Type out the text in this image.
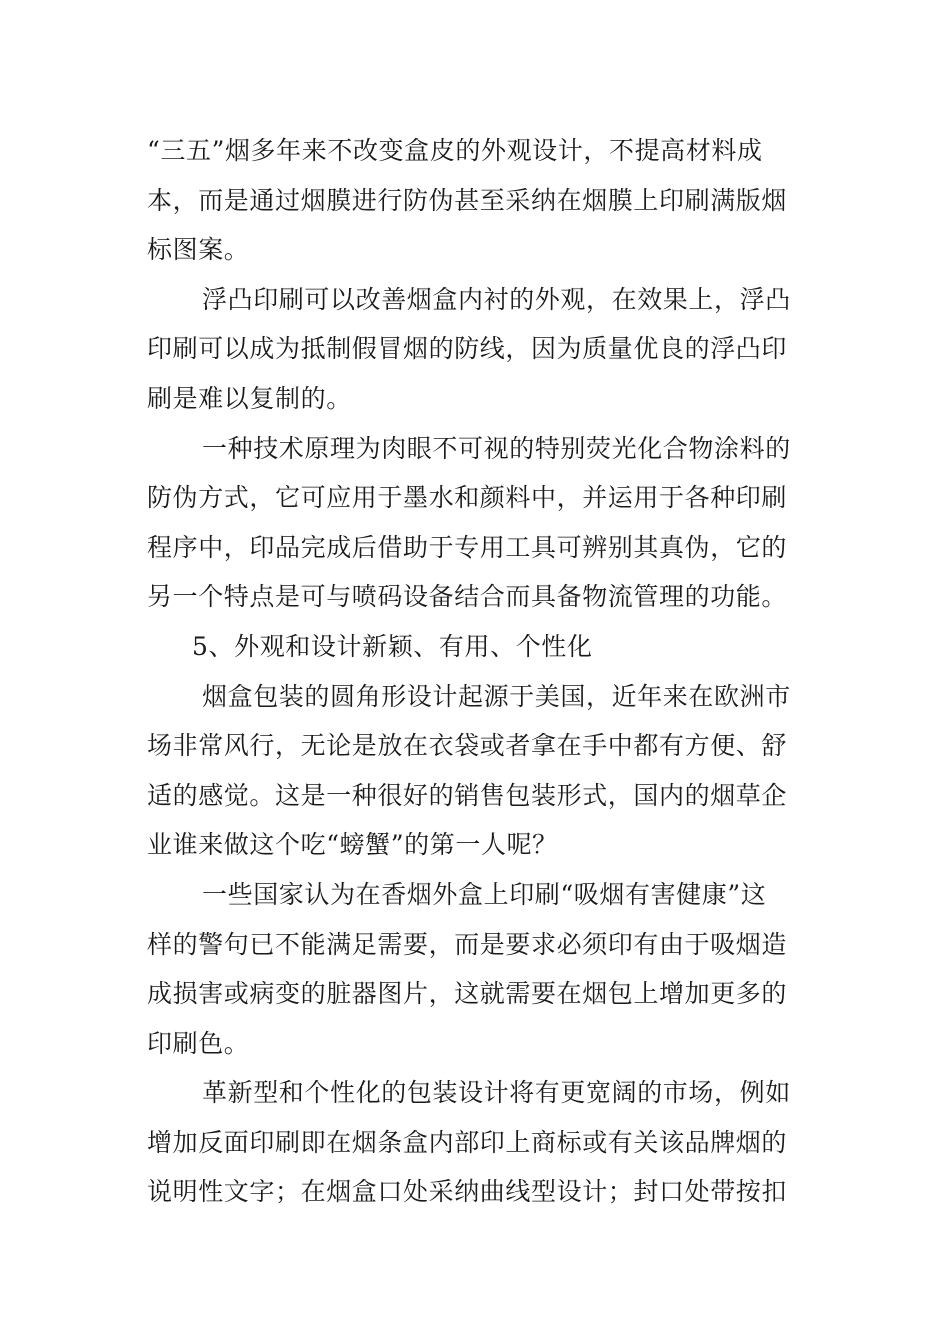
“三五”烟多年来不改变盒皮的外观设计，不提高材料成
本，而是通过烟膜进行防伪甚至采纳在烟膜上印刷满版烟
标图案。
浮凸印刷可以改善烟盒内衬的外观，在效果上，浮凸
印刷可以成为抵制假冒烟的防线，因为质量优良的浮凸印
刷是难以复制的。
一种技术原理为肉眼不可视的特别荧光化合物涂料的
防伪方式，它可应用于墨水和颜料中，并运用于各种印刷
程序中，印品完成后借助于专用工具可辨别其真伪，它的
另一个特点是可与喷码设备结合而具备物流管理的功能。
5、外观和设计新颖、有用、个性化
烟盒包装的圆角形设计起源于美国，近年来在欧洲市
场非常风行，无论是放在衣袋或者拿在手中都有方便、舒
适的感觉。这是一种很好的销售包装形式，国内的烟草企
业谁来做这个吃“螃蟹”的第一人呢？
一些国家认为在香烟外盒上印刷“吸烟有害健康”这
样的警句已不能满足需要，而是要求必须印有由于吸烟造
成损害或病变的脏器图片，这就需要在烟包上增加更多的
印刷色。
革新型和个性化的包装设计将有更宽阔的市场，例如
增加反面印刷即在烟条盒内部印上商标或有关该品牌烟的
说明性文字；在烟盒口处采纳曲线型设计；封口处带按扣
